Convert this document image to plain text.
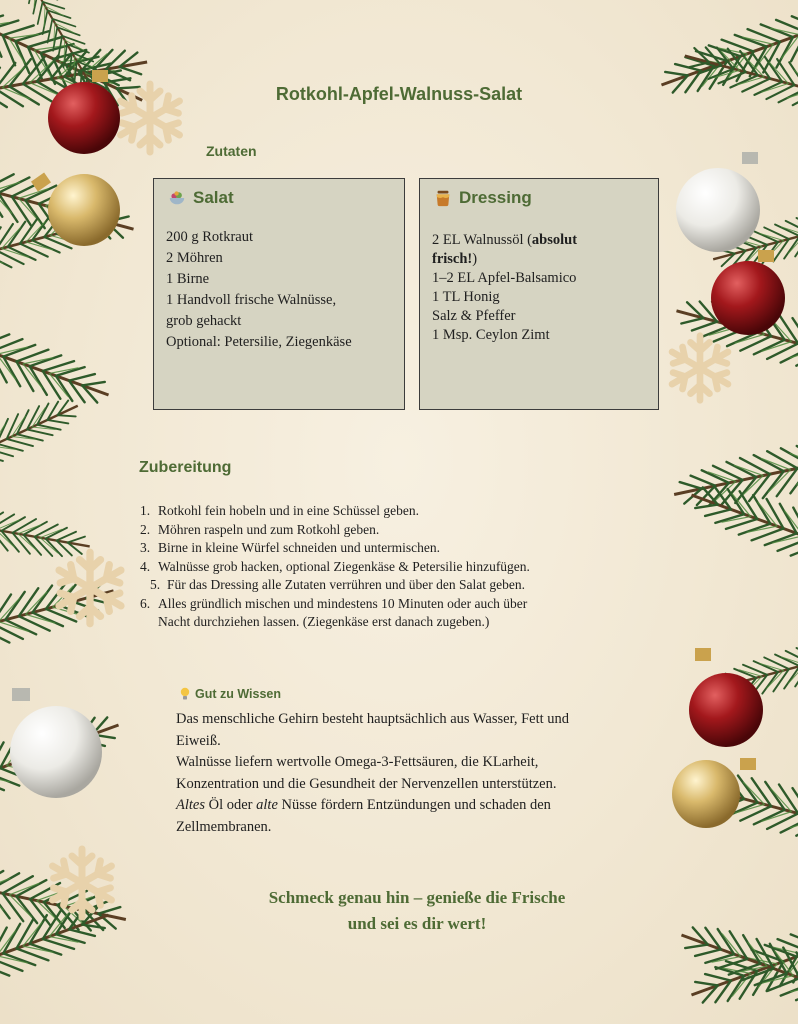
Rotkohl-Apfel-Walnuss-Salat
Zutaten
Salat
200 g Rotkraut
2 Möhren
1 Birne
1 Handvoll frische Walnüsse,
grob gehackt
Optional: Petersilie, Ziegenkäse
Dressing
2 EL Walnussöl (absolut
frisch!)
1–2 EL Apfel-Balsamico
1 TL Honig
Salz & Pfeffer
1 Msp. Ceylon Zimt
Zubereitung
1. Rotkohl fein hobeln und in eine Schüssel geben.
2. Möhren raspeln und zum Rotkohl geben.
3. Birne in kleine Würfel schneiden und untermischen.
4. Walnüsse grob hacken, optional Ziegenkäse & Petersilie hinzufügen.
5. Für das Dressing alle Zutaten verrühren und über den Salat geben.
6. Alles gründlich mischen und mindestens 10 Minuten oder auch über
Nacht durchziehen lassen. (Ziegenkäse erst danach zugeben.)
Gut zu Wissen
Das menschliche Gehirn besteht hauptsächlich aus Wasser, Fett und
Eiweiß.
Walnüsse liefern wertvolle Omega-3-Fettsäuren, die KLarheit,
Konzentration und die Gesundheit der Nervenzellen unterstützen.
Altes Öl oder alte Nüsse fördern Entzündungen und schaden den
Zellmembranen.
Schmeck genau hin – genieße die Frische
und sei es dir wert!
